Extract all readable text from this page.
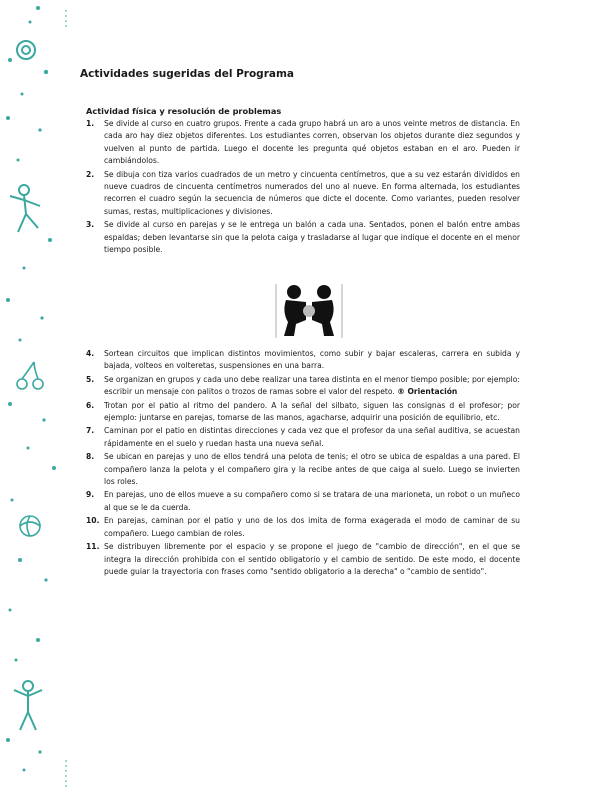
Actividades sugeridas del Programa
Actividad física y resolución de problemas
1. Se divide al curso en cuatro grupos. Frente a cada grupo habrá un aro a unos veinte metros de distancia. En cada aro hay diez objetos diferentes. Los estudiantes corren, observan los objetos durante diez segundos y vuelven al punto de partida. Luego el docente les pregunta qué objetos estaban en el aro. Pueden ir cambiándolos.
2. Se dibuja con tiza varios cuadrados de un metro y cincuenta centímetros, que a su vez estarán divididos en nueve cuadros de cincuenta centímetros numerados del uno al nueve. En forma alternada, los estudiantes recorren el cuadro según la secuencia de números que dicte el docente. Como variantes, pueden resolver sumas, restas, multiplicaciones y divisiones.
3. Se divide al curso en parejas y se le entrega un balón a cada una. Sentados, ponen el balón entre ambas espaldas; deben levantarse sin que la pelota caiga y trasladarse al lugar que indique el docente en el menor tiempo posible.
4. Sortean circuitos que implican distintos movimientos, como subir y bajar escaleras, carrera en subida y bajada, volteos en volteretas, suspensiones en una barra.
5. Se organizan en grupos y cada uno debe realizar una tarea distinta en el menor tiempo posible; por ejemplo: escribir un mensaje con palitos o trozos de ramas sobre el valor del respeto. ® Orientación
6. Trotan por el patio al ritmo del pandero. A la señal del silbato, siguen las consignas d el profesor; por ejemplo: juntarse en parejas, tomarse de las manos, agacharse, adquirir una posición de equilibrio, etc.
7. Caminan por el patio en distintas direcciones y cada vez que el profesor da una señal auditiva, se acuestan rápidamente en el suelo y ruedan hasta una nueva señal.
8. Se ubican en parejas y uno de ellos tendrá una pelota de tenis; el otro se ubica de espaldas a una pared. El compañero lanza la pelota y el compañero gira y la recibe antes de que caiga al suelo. Luego se invierten los roles.
9. En parejas, uno de ellos mueve a su compañero como si se tratara de una marioneta, un robot o un muñeco al que se le da cuerda.
10. En parejas, caminan por el patio y uno de los dos imita de forma exagerada el modo de caminar de su compañero. Luego cambian de roles.
11. Se distribuyen libremente por el espacio y se propone el juego de "cambio de dirección", en el que se integra la dirección prohibida con el sentido obligatorio y el cambio de sentido. De este modo, el docente puede guiar la trayectoria con frases como "sentido obligatorio a la derecha" o "cambio de sentido".
